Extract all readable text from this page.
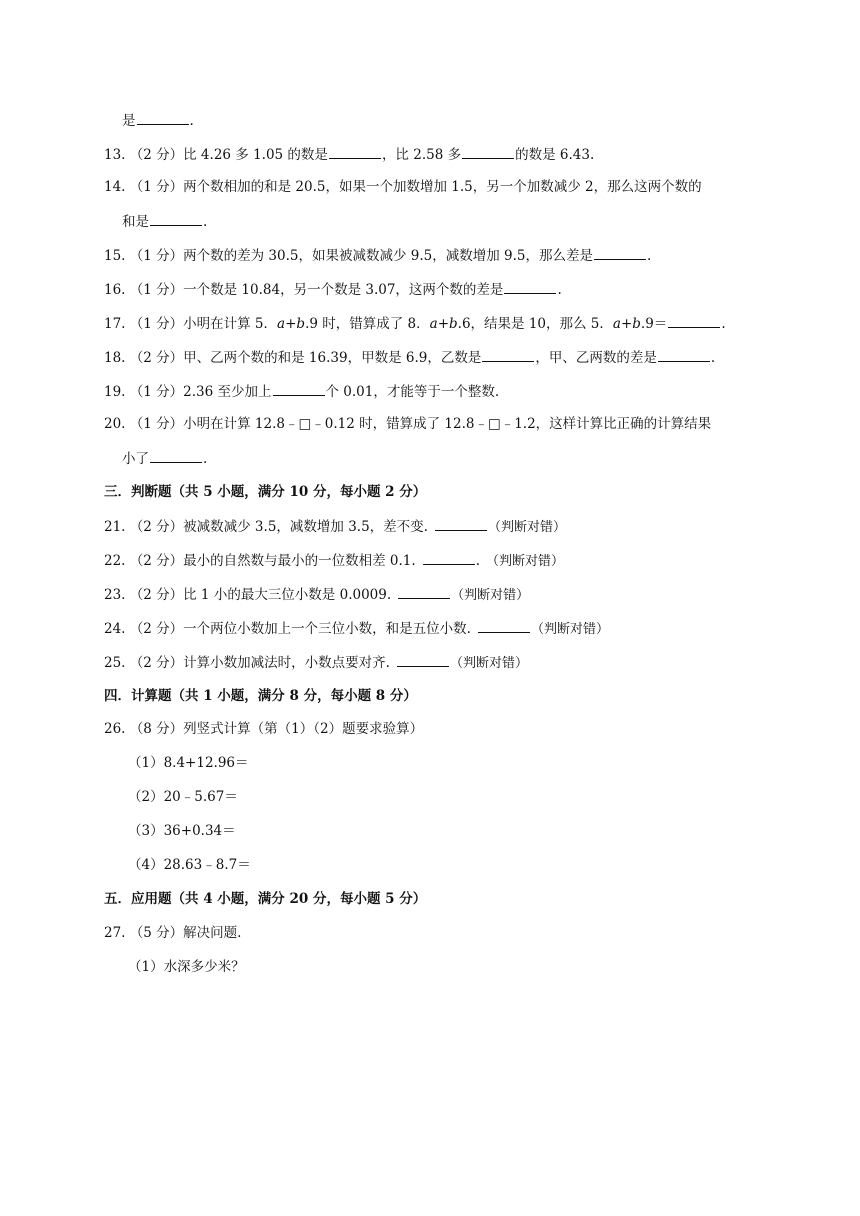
是	.
13. （2 分）比 4.26 多 1.05 的数是	，比 2.58 多	的数是 6.43.
14. （1 分）两个数相加的和是 20.5，如果一个加数增加 1.5，另一个加数减少 2，那么这两个数的
和是	.
15. （1 分）两个数的差为 30.5，如果被减数减少 9.5，减数增加 9.5，那么差是	.
16. （1 分）一个数是 10.84，另一个数是 3.07，这两个数的差是	.
17. （1 分）小明在计算 5．a+b.9 时，错算成了 8．a+b.6，结果是 10，那么 5．a+b.9＝	.
18. （2 分）甲、乙两个数的和是 16.39，甲数是 6.9，乙数是	，甲、乙两数的差是	.
19. （1 分）2.36 至少加上	个 0.01，才能等于一个整数.
20. （1 分）小明在计算 12.8﹣□﹣0.12 时，错算成了 12.8﹣□﹣1.2，这样计算比正确的计算结果
小了	.
三．判断题（共 5 小题，满分 10 分，每小题 2 分）
21. （2 分）被减数减少 3.5，减数增加 3.5，差不变.	（判断对错）
22. （2 分）最小的自然数与最小的一位数相差 0.1.	. （判断对错）
23. （2 分）比 1 小的最大三位小数是 0.0009.	（判断对错）
24. （2 分）一个两位小数加上一个三位小数，和是五位小数.	（判断对错）
25. （2 分）计算小数加减法时，小数点要对齐.	（判断对错）
四．计算题（共 1 小题，满分 8 分，每小题 8 分）
26. （8 分）列竖式计算（第（1）（2）题要求验算）
（1）8.4+12.96＝
（2）20﹣5.67＝
（3）36+0.34＝
（4）28.63﹣8.7＝
五．应用题（共 4 小题，满分 20 分，每小题 5 分）
27. （5 分）解决问题.
（1）水深多少米？
